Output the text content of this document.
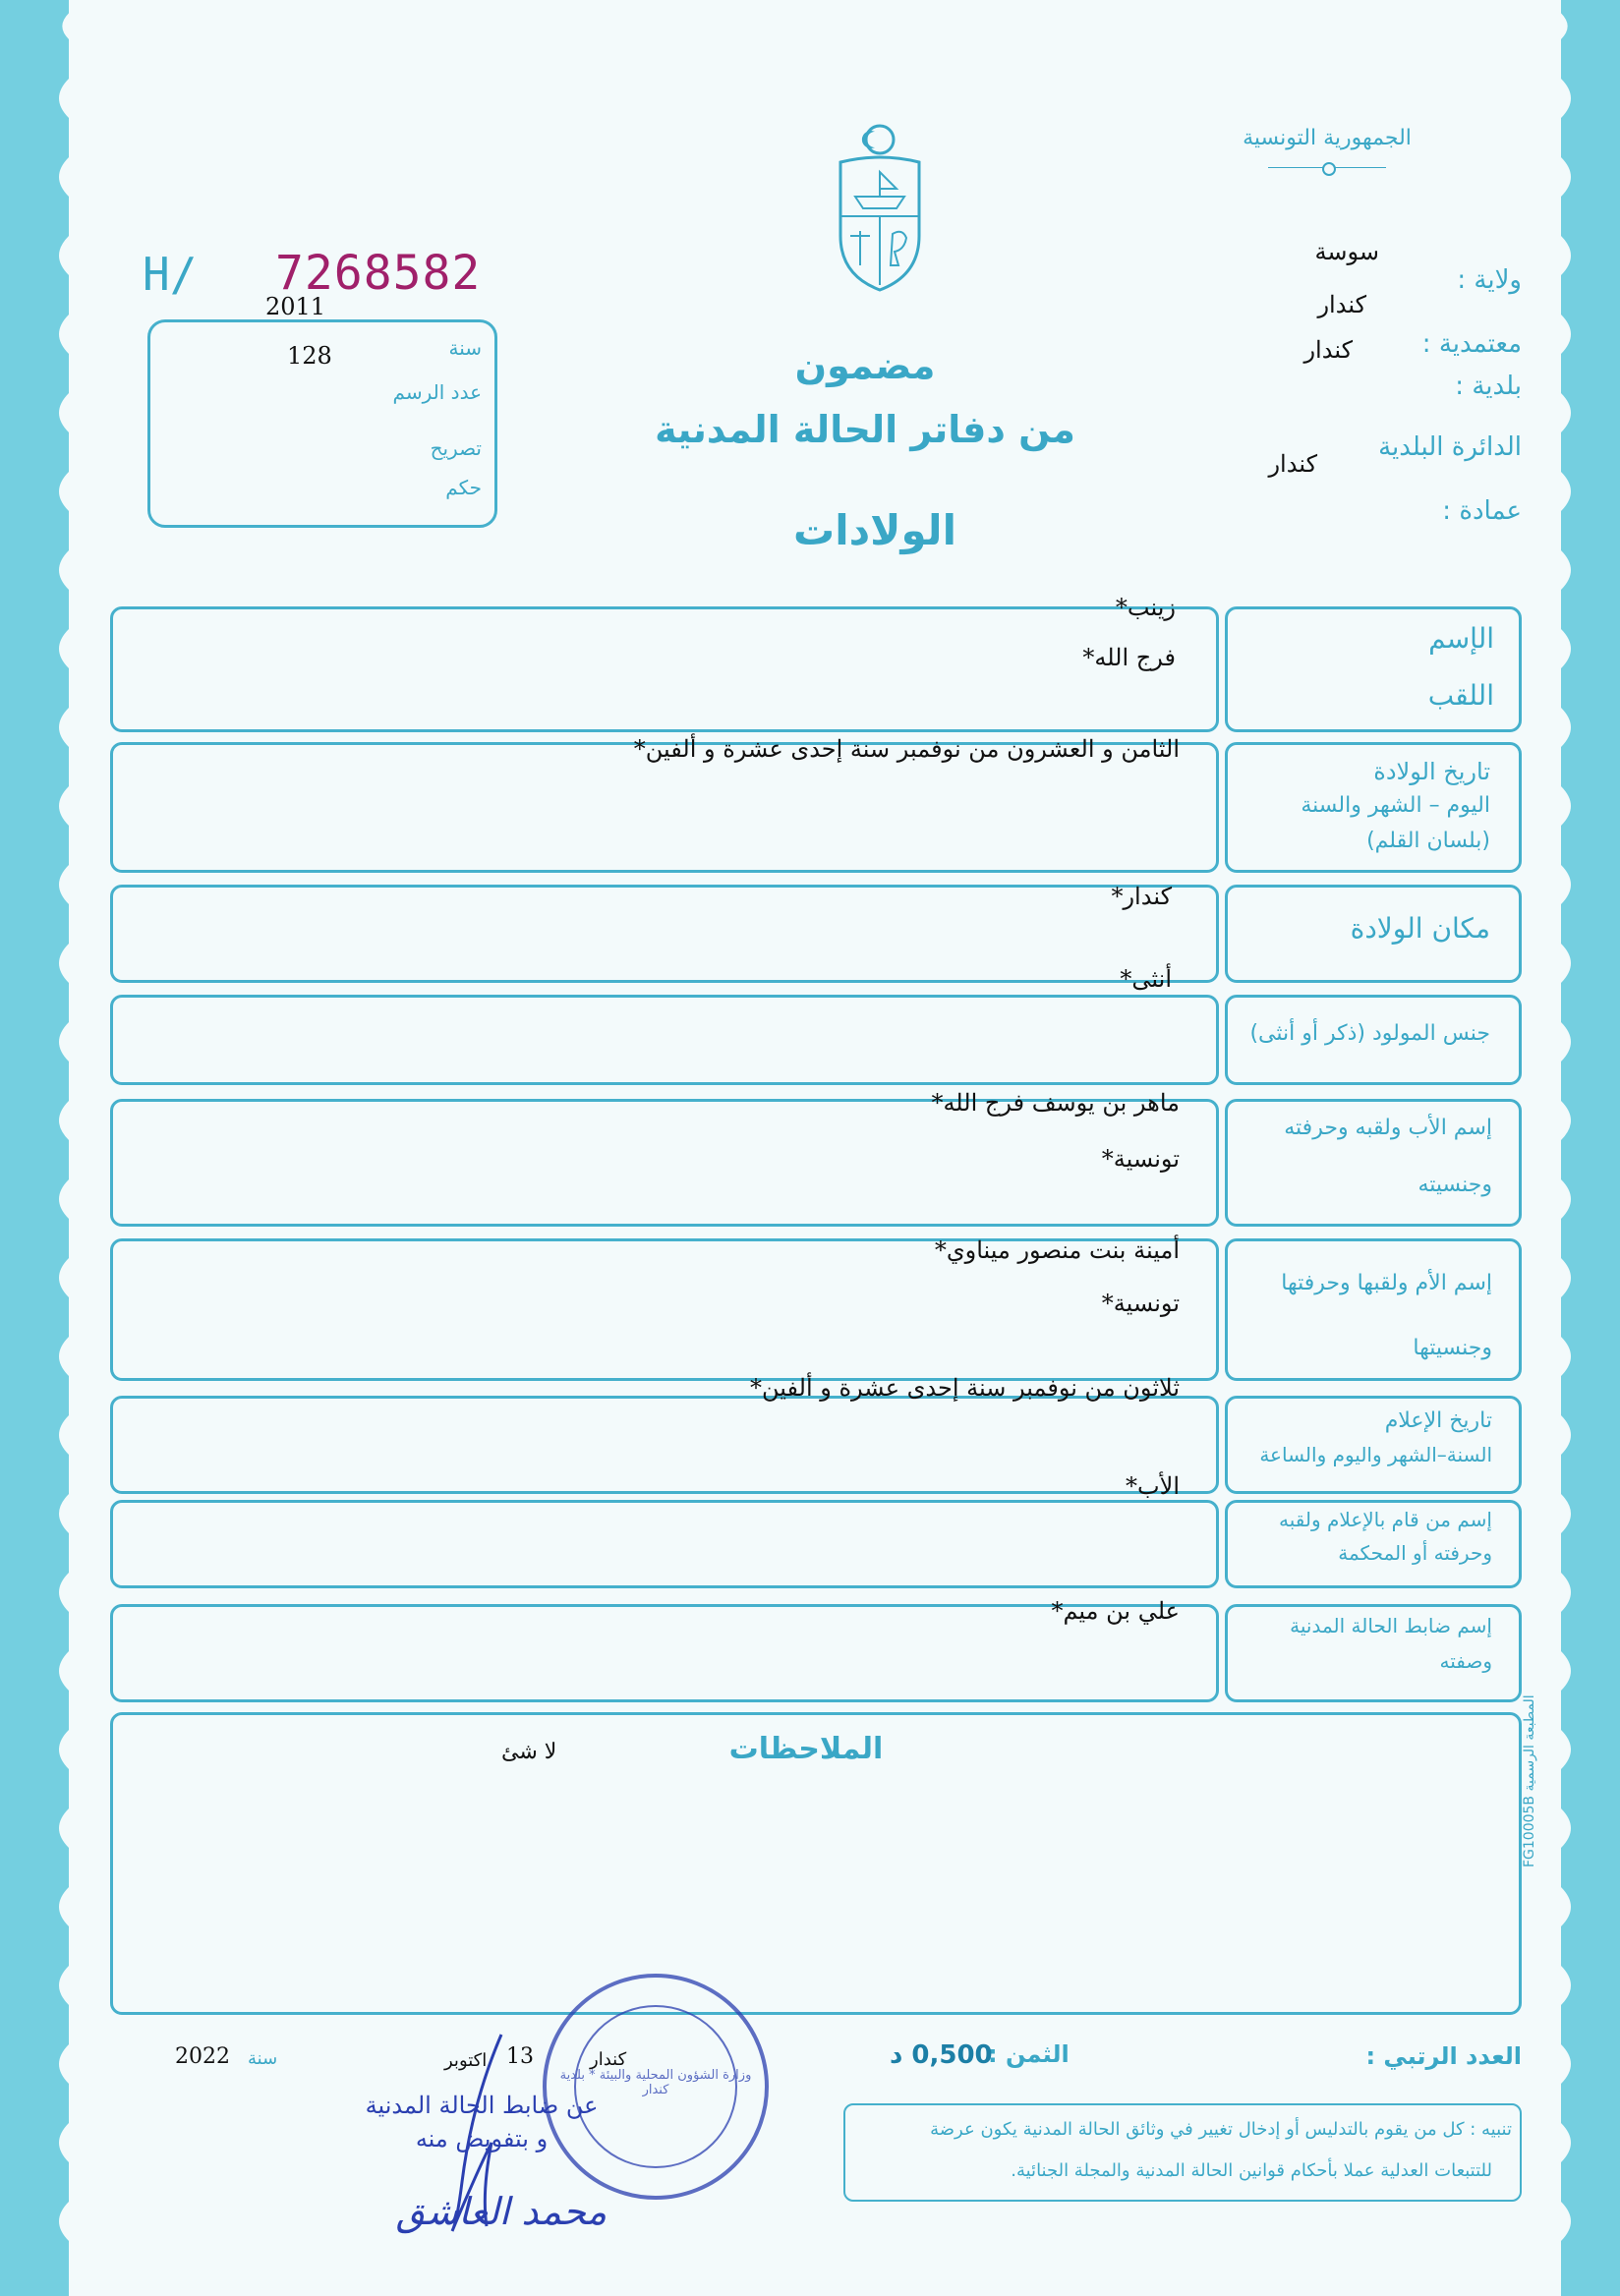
الجمهورية التونسية
H/ 7268582
2011
128	سنة
عدد الرسم
تصريح
حكم
مضمون
من دفاتر الحالة المدنية
الولادات
ولاية :
سوسة
كندار
معتمدية :
كندار
بلدية :
الدائرة البلدية
كندار
عمادة :
الإسم
اللقب
زينب*
فرج الله*
تاريخ الولادة
اليوم – الشهر والسنة
(بلسان القلم)
الثامن و العشرون من نوفمبر سنة إحدى عشرة و ألفين*
مكان الولادة
كندار*
جنس المولود (ذكر أو أنثى)
أنثى*
إسم الأب ولقبه وحرفته
وجنسيته
ماهر بن يوسف فرج الله*
تونسية*
إسم الأم ولقبها وحرفتها
وجنسيتها
أمينة بنت منصور ميناوي*
تونسية*
تاريخ الإعلام
السنة–الشهر واليوم والساعة
ثلاثون من نوفمبر سنة إحدى عشرة و ألفين*
إسم من قام بالإعلام ولقبه
وحرفته أو المحكمة
الأب*
إسم ضابط الحالة المدنية
وصفته
علي بن ميم*
الملاحظات
لا شئ
المطبعة الرسمية FG10005B
العدد الرتبي :
الثمن :
0,500 د
كندار
13
اكتوبر
سنة
2022
وزارة الشؤون المحلية والبيئة * بلدية كندار
عن ضابط الحالة المدنية
و بتفويض منه
محمد العاشق
تنبيه : كل من يقوم بالتدليس أو إدخال تغيير في وثائق الحالة المدنية يكون عرضة
للتتبعات العدلية عملا بأحكام قوانين الحالة المدنية والمجلة الجنائية.
